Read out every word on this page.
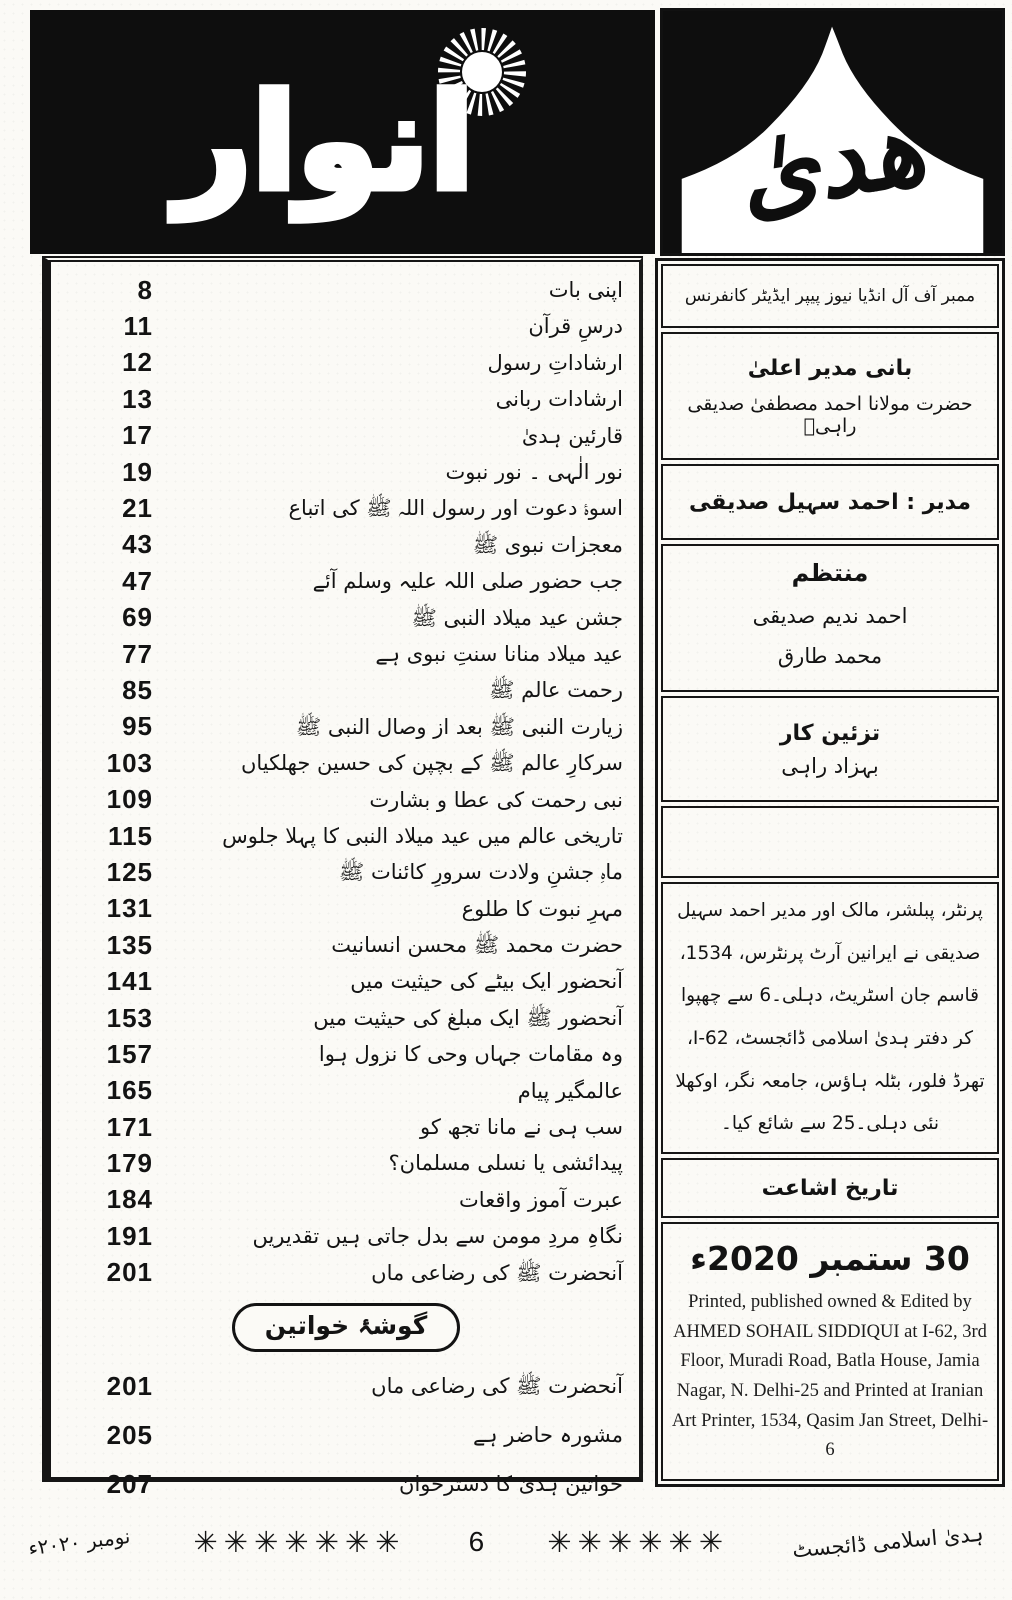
انوار ھدیٰ
8	اپنی بات
11	درسِ قرآن
12	ارشاداتِ رسول
13	ارشادات ربانی
17	قارئین ہدیٰ
19	نور الٰہی ۔ نور نبوت
21	اسوۂ دعوت اور رسول اللہ ﷺ کی اتباع
43	معجزات نبوی ﷺ
47	جب حضور صلی اللہ علیہ وسلم آئے
69	جشن عید میلاد النبی ﷺ
77	عید میلاد منانا سنتِ نبوی ہے
85	رحمت عالم ﷺ
95	زیارت النبی ﷺ بعد از وصال النبی ﷺ
103	سرکارِ عالم ﷺ کے بچپن کی حسین جھلکیاں
109	نبی رحمت کی عطا و بشارت
115	تاریخی عالم میں عید میلاد النبی کا پہلا جلوس
125	ماہِ جشنِ ولادت سرورِ کائنات ﷺ
131	مہرِ نبوت کا طلوع
135	حضرت محمد ﷺ محسن انسانیت
141	آنحضور ایک بیٹے کی حیثیت میں
153	آنحضور ﷺ ایک مبلغ کی حیثیت میں
157	وہ مقامات جہاں وحی کا نزول ہوا
165	عالمگیر پیام
171	سب ہی نے مانا تجھ کو
179	پیدائشی یا نسلی مسلمان؟
184	عبرت آموز واقعات
191	نگاہِ مردِ مومن سے بدل جاتی ہیں تقدیریں
201	آنحضرت ﷺ کی رضاعی ماں
گوشۂ خواتین
201	آنحضرت ﷺ کی رضاعی ماں
205	مشورہ حاضر ہے
207	خواتین ہدیٰ کا دسترخوان
ممبر آف آل انڈیا نیوز پیپر ایڈیٹر کانفرنس
بانی مدیر اعلیٰ
حضرت مولانا احمد مصطفیٰ صدیقی راہیؒ
مدیر : احمد سہیل صدیقی
منتظم
احمد ندیم صدیقی
محمد طارق
تزئین کار
بہزاد راہی
پرنٹر، پبلشر، مالک اور مدیر احمد سہیل صدیقی نے ایرانین آرٹ پرنٹرس، 1534، قاسم جان اسٹریٹ، دہلی۔6 سے چھپوا کر دفتر ہدیٰ اسلامی ڈائجسٹ، I-62، تھرڈ فلور، بٹلہ ہاؤس، جامعہ نگر، اوکھلا نئی دہلی۔25 سے شائع کیا۔
تاریخ اشاعت
30 ستمبر 2020ء
Printed, published owned & Edited by AHMED SOHAIL SIDDIQUI at I-62, 3rd Floor, Muradi Road, Batla House, Jamia Nagar, N. Delhi-25 and Printed at Iranian Art Printer, 1534, Qasim Jan Street, Delhi-6
نومبر ۲۰۲۰ء ✳✳✳✳✳✳✳ 6 ✳✳✳✳✳✳	ہدیٰ اسلامی ڈائجسٹ
